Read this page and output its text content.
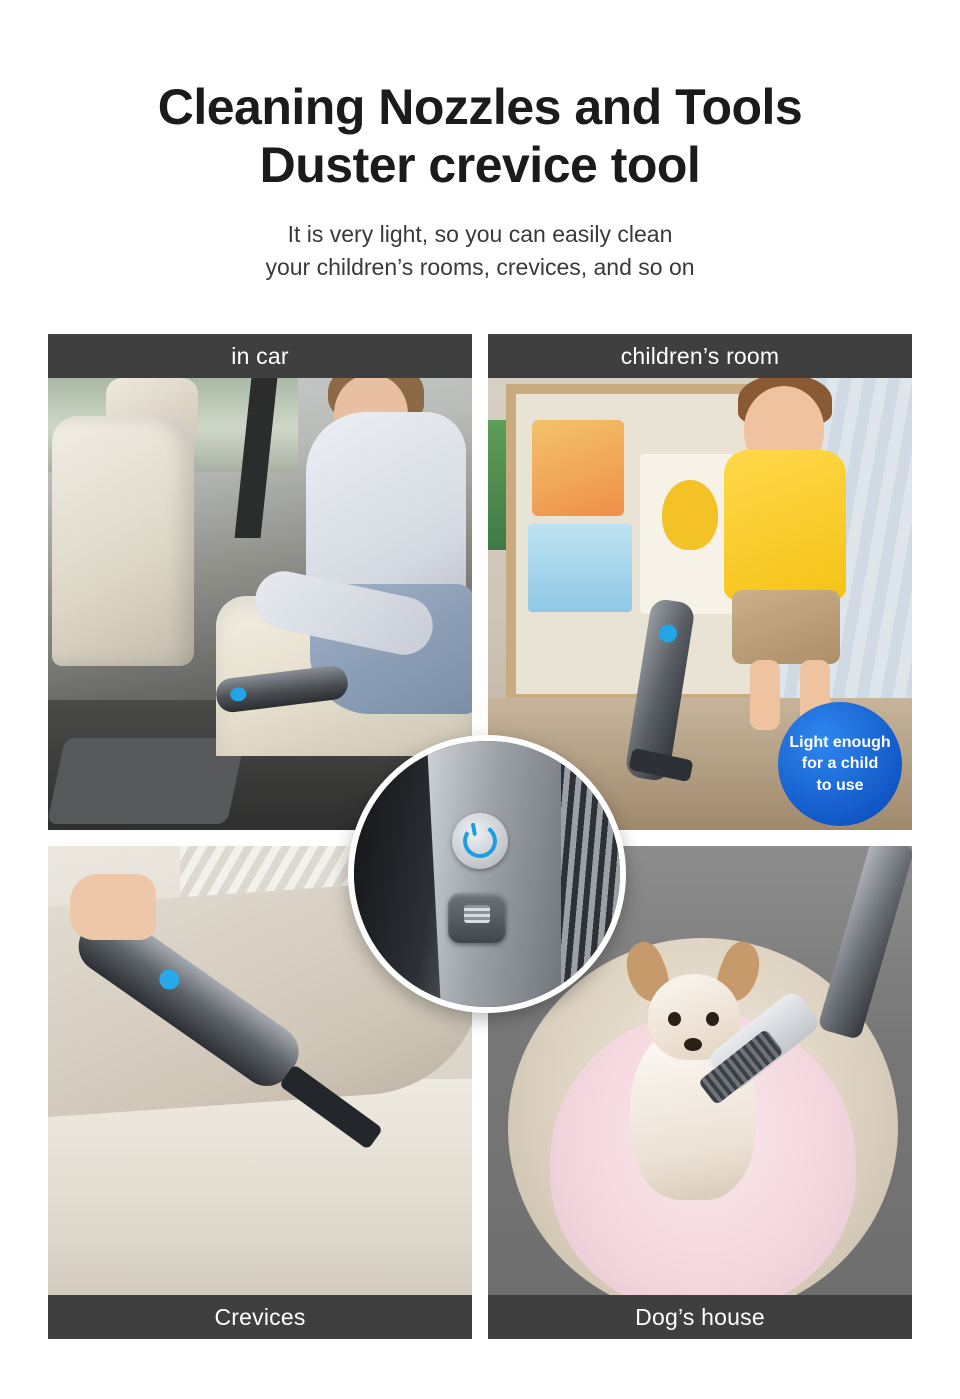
Cleaning Nozzles and Tools
Duster crevice tool
It is very light, so you can easily clean
your children’s rooms, crevices, and so on
in car	children’s room
Light enough
for a child
to use
Crevices	Dog’s house
